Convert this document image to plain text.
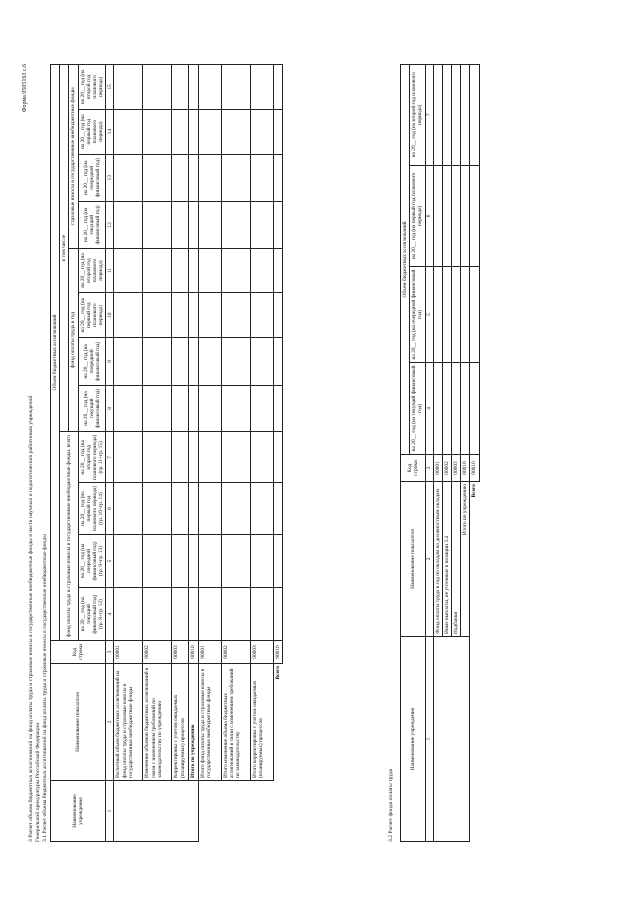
Форма 0505163 с.6
3 Расчет объема бюджетных ассигнований на фонд оплаты труда и страховые взносы в государственные внебюджетные фонды в части научных и педагогических работников учреждений Генеральной прокуратуры Российской Федерации 3.1 Расчет объема бюджетных ассигнований на фонд оплаты труда и страховые взносы в государственные внебюджетные фонды	Наименование учреждения	Наименование показателя	Код строки	Объем бюджетных ассигнований											
			фонд оплаты труда и страховые взносы в государственные внебюджетные фонды, всего				в том числе							
							фонд оплаты труда в год				страховые взносы в государственные внебюджетные фонды			
			на 20__ год (на текущий финансовый год) (гр. 8+гр. 12)	на 20__ год (на очередной финансовый год) (гр. 9+гр. 13)	на 20__ год (на первый год планового периода) (гр. 10+гр. 14)	на 20__ год (на второй год планового периода) (гр. 11+гр. 15)	на 20__ год (на текущий финансовый год)	на 20__ год (на очередной финансовый год)	на 20__ год (на первый год планового периода)	на 20__ год (на второй год планового периода)	на 20__ год (на текущий финансовый год)	на 20__ год (на очередной финансовый год)	на 20__ год (на первый год планового периода)	на 20__ год (на второй год планового периода)
1	2	3	4	5	6	7	8	9	10	11	12	13	14	15
	Расчетный объем бюджетных ассигнований на фонд оплаты труда и страховые взносы в государственные внебюджетные фонды	00001												
	Изменение объемов бюджетных ассигнований в связи с изменением требований по законодательству по учреждению	00002												
	Корректировка с учетом ожидаемых (планируемых) процессов	00003												
	Итого по учреждению	00010												
	Итого фонд оплаты труда и страховые взносы в государственные внебюджетные фонды	90001												
	Итого изменение объема бюджетных ассигнований в связи с изменением требований по законодательству	90002												
	Итого корректировка с учетом ожидаемых (планируемых) процессов	90003												
	Всего	90010												
3.2 Расчет фонда оплаты труда
Наименование учреждения	Наименование показателя	Код строки	Объем бюджетных ассигнований			
			на 20__ год (на текущий финансовый год)	на 20__ год (на очередной финансовый год)	на 20__ год (на первый год планового периода)	на 20__ год (на второй год планового периода)
1	2	3	4	5	6	7
	Фонд оплаты труда в год по окладам по должностным окладам	00001				
	Иные выплаты, не учтенные в позиции 3.4	00002				
	Надбавки	00003				
	Итого по учреждению	00010				
	Всего	90010				
